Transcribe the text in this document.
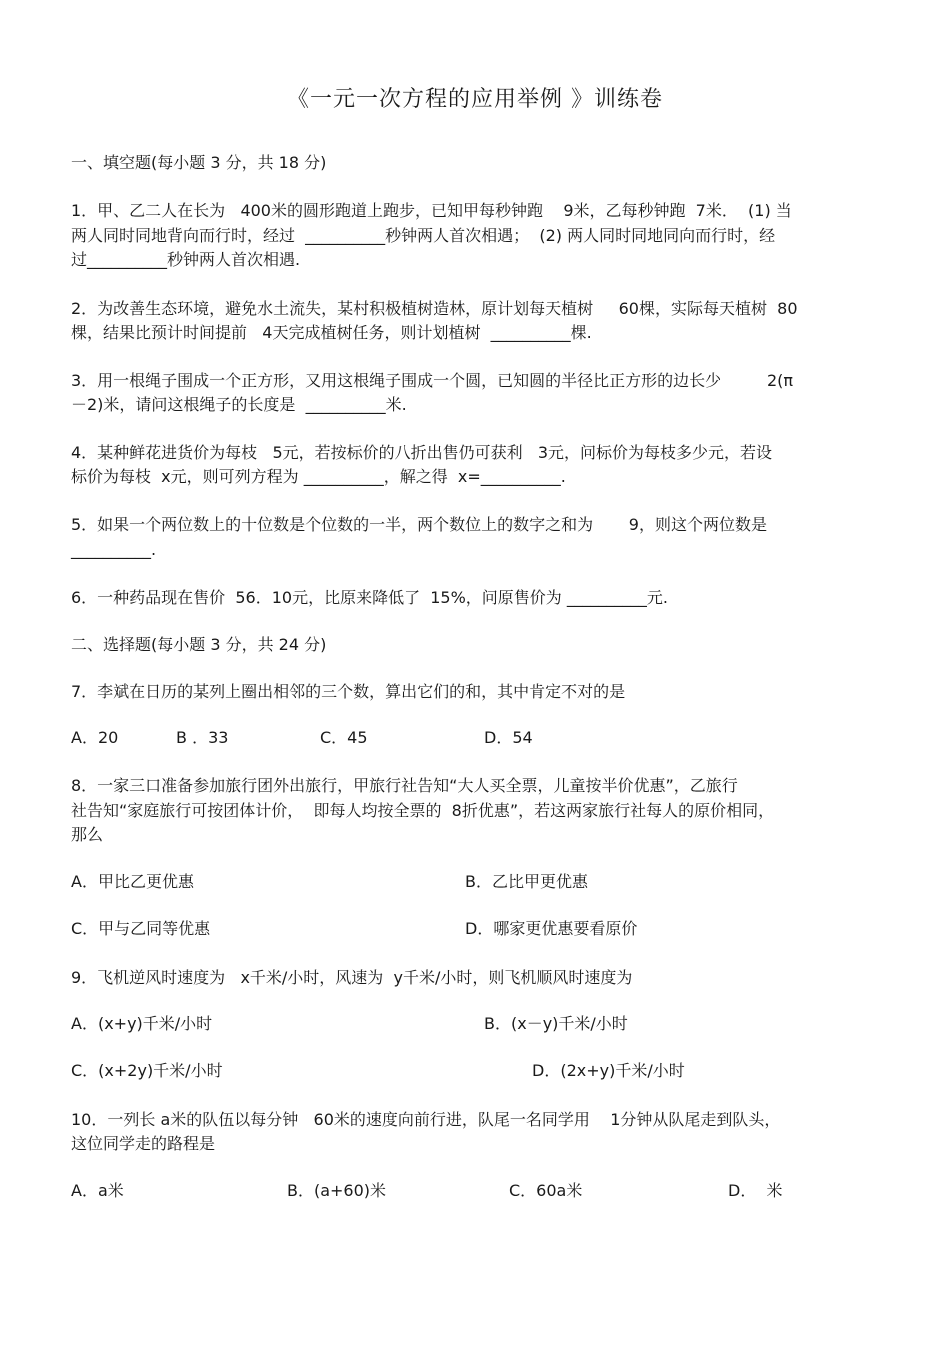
《一元一次方程的应用举例 》训练卷
一、填空题(每小题 3 分，共 18 分)
1．甲、乙二人在长为   400米的圆形跑道上跑步，已知甲每秒钟跑    9米，乙每秒钟跑  7米．  (1) 当
两人同时同地背向而行时，经过  __________秒钟两人首次相遇；  (2) 两人同时同地同向而行时，经
过__________秒钟两人首次相遇.
2．为改善生态环境，避免水土流失，某村积极植树造林，原计划每天植树     60棵，实际每天植树  80
棵，结果比预计时间提前   4天完成植树任务，则计划植树  __________棵.
3．用一根绳子围成一个正方形，又用这根绳子围成一个圆，已知圆的半径比正方形的边长少         2(π
－2)米，请问这根绳子的长度是  __________米.
4．某种鲜花进货价为每枝   5元，若按标价的八折出售仍可获利   3元，问标价为每枝多少元，若设
标价为每枝  x元，则可列方程为 __________，解之得  x=__________.
5．如果一个两位数上的十位数是个位数的一半，两个数位上的数字之和为       9，则这个两位数是
__________.
6．一种药品现在售价  56．10元，比原来降低了  15%，问原售价为 __________元.
二、选择题(每小题 3 分，共 24 分)
7．李斌在日历的某列上圈出相邻的三个数，算出它们的和，其中肯定不对的是
A．20	B ．33	C．45	D．54
8．一家三口准备参加旅行团外出旅行，甲旅行社告知“大人买全票，儿童按半价优惠”，乙旅行
社告知“家庭旅行可按团体计价，  即每人均按全票的  8折优惠”，若这两家旅行社每人的原价相同，
那么
A．甲比乙更优惠	B．乙比甲更优惠
C．甲与乙同等优惠	D．哪家更优惠要看原价
9．飞机逆风时速度为   x千米/小时，风速为  y千米/小时，则飞机顺风时速度为
A．(x+y)千米/小时	B．(x－y)千米/小时
C．(x+2y)千米/小时	D．(2x+y)千米/小时
10．一列长 a米的队伍以每分钟   60米的速度向前行进，队尾一名同学用    1分钟从队尾走到队头，
这位同学走的路程是
A．a米	B．(a+60)米	C．60a米	D．  米
